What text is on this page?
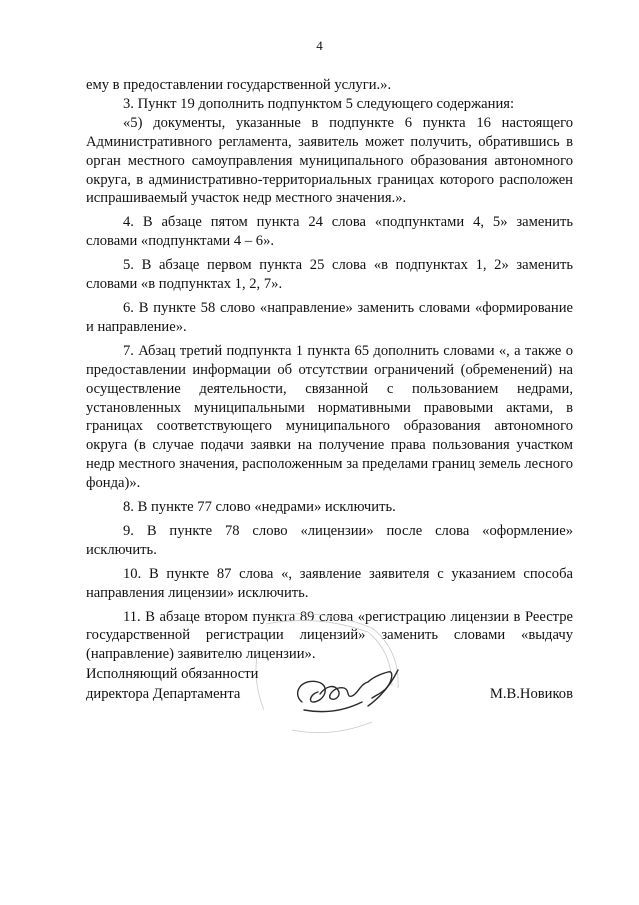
4

ему в предоставлении государственной услуги.».

3. Пункт 19 дополнить подпунктом 5 следующего содержания:

«5) документы, указанные в подпункте 6 пункта 16 настоящего Административного регламента, заявитель может получить, обратившись в орган местного самоуправления муниципального образования автономного округа, в административно-территориальных границах которого расположен испрашиваемый участок недр местного значения.».

4. В абзаце пятом пункта 24 слова «подпунктами 4, 5» заменить словами «подпунктами 4 – 6».

5. В абзаце первом пункта 25 слова «в подпунктах 1, 2» заменить словами «в подпунктах 1, 2, 7».

6. В пункте 58 слово «направление» заменить словами «формирование и направление».

7. Абзац третий подпункта 1 пункта 65 дополнить словами «, а также о предоставлении информации об отсутствии ограничений (обременений) на осуществление деятельности, связанной с пользованием недрами, установленных муниципальными нормативными правовыми актами, в границах соответствующего муниципального образования автономного округа (в случае подачи заявки на получение права пользования участком недр местного значения, расположенным за пределами границ земель лесного фонда)».

8. В пункте 77 слово «недрами» исключить.

9. В пункте 78 слово «лицензии» после слова «оформление» исключить.

10. В пункте 87 слова «, заявление заявителя с указанием способа направления лицензии» исключить.

11. В абзаце втором пункта 89 слова «регистрацию лицензии в Реестре государственной регистрации лицензий» заменить словами «выдачу (направление) заявителю лицензии».

Исполняющий обязанности
директора Департамента	М.В.Новиков
